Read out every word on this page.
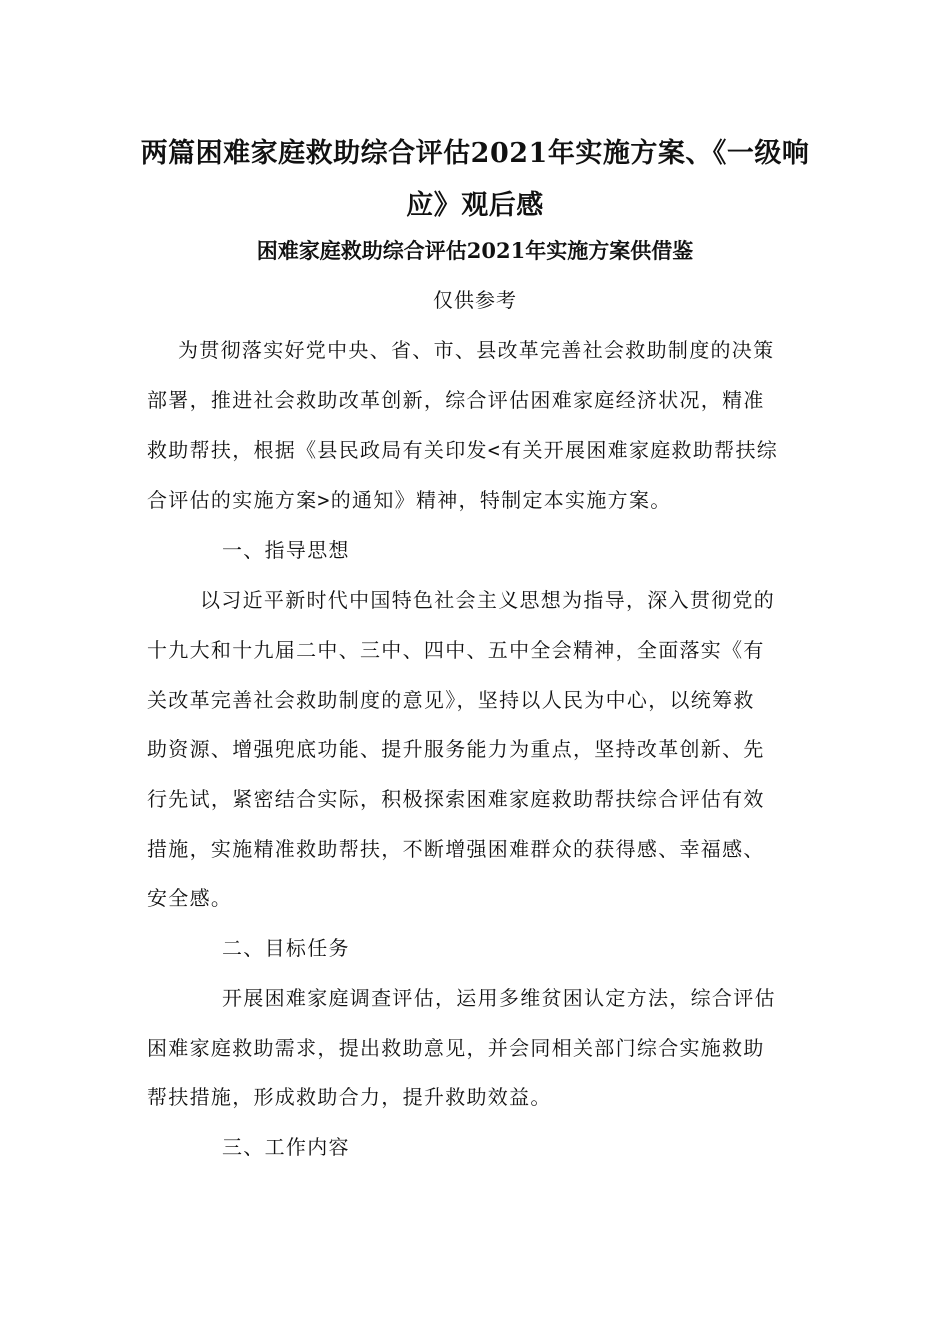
两篇困难家庭救助综合评估2021年实施方案、《一级响
应》观后感
困难家庭救助综合评估2021年实施方案供借鉴

仅供参考

为贯彻落实好党中央、省、市、县改革完善社会救助制度的决策

部署，推进社会救助改革创新，综合评估困难家庭经济状况，精准

救助帮扶，根据《县民政局有关印发<有关开展困难家庭救助帮扶综

合评估的实施方案>的通知》精神，特制定本实施方案。

一、指导思想

以习近平新时代中国特色社会主义思想为指导，深入贯彻党的

十九大和十九届二中、三中、四中、五中全会精神，全面落实《有

关改革完善社会救助制度的意见》，坚持以人民为中心，以统筹救

助资源、增强兜底功能、提升服务能力为重点，坚持改革创新、先

行先试，紧密结合实际，积极探索困难家庭救助帮扶综合评估有效

措施，实施精准救助帮扶，不断增强困难群众的获得感、幸福感、

安全感。

二、目标任务

开展困难家庭调查评估，运用多维贫困认定方法，综合评估

困难家庭救助需求，提出救助意见，并会同相关部门综合实施救助

帮扶措施，形成救助合力，提升救助效益。

三、工作内容
